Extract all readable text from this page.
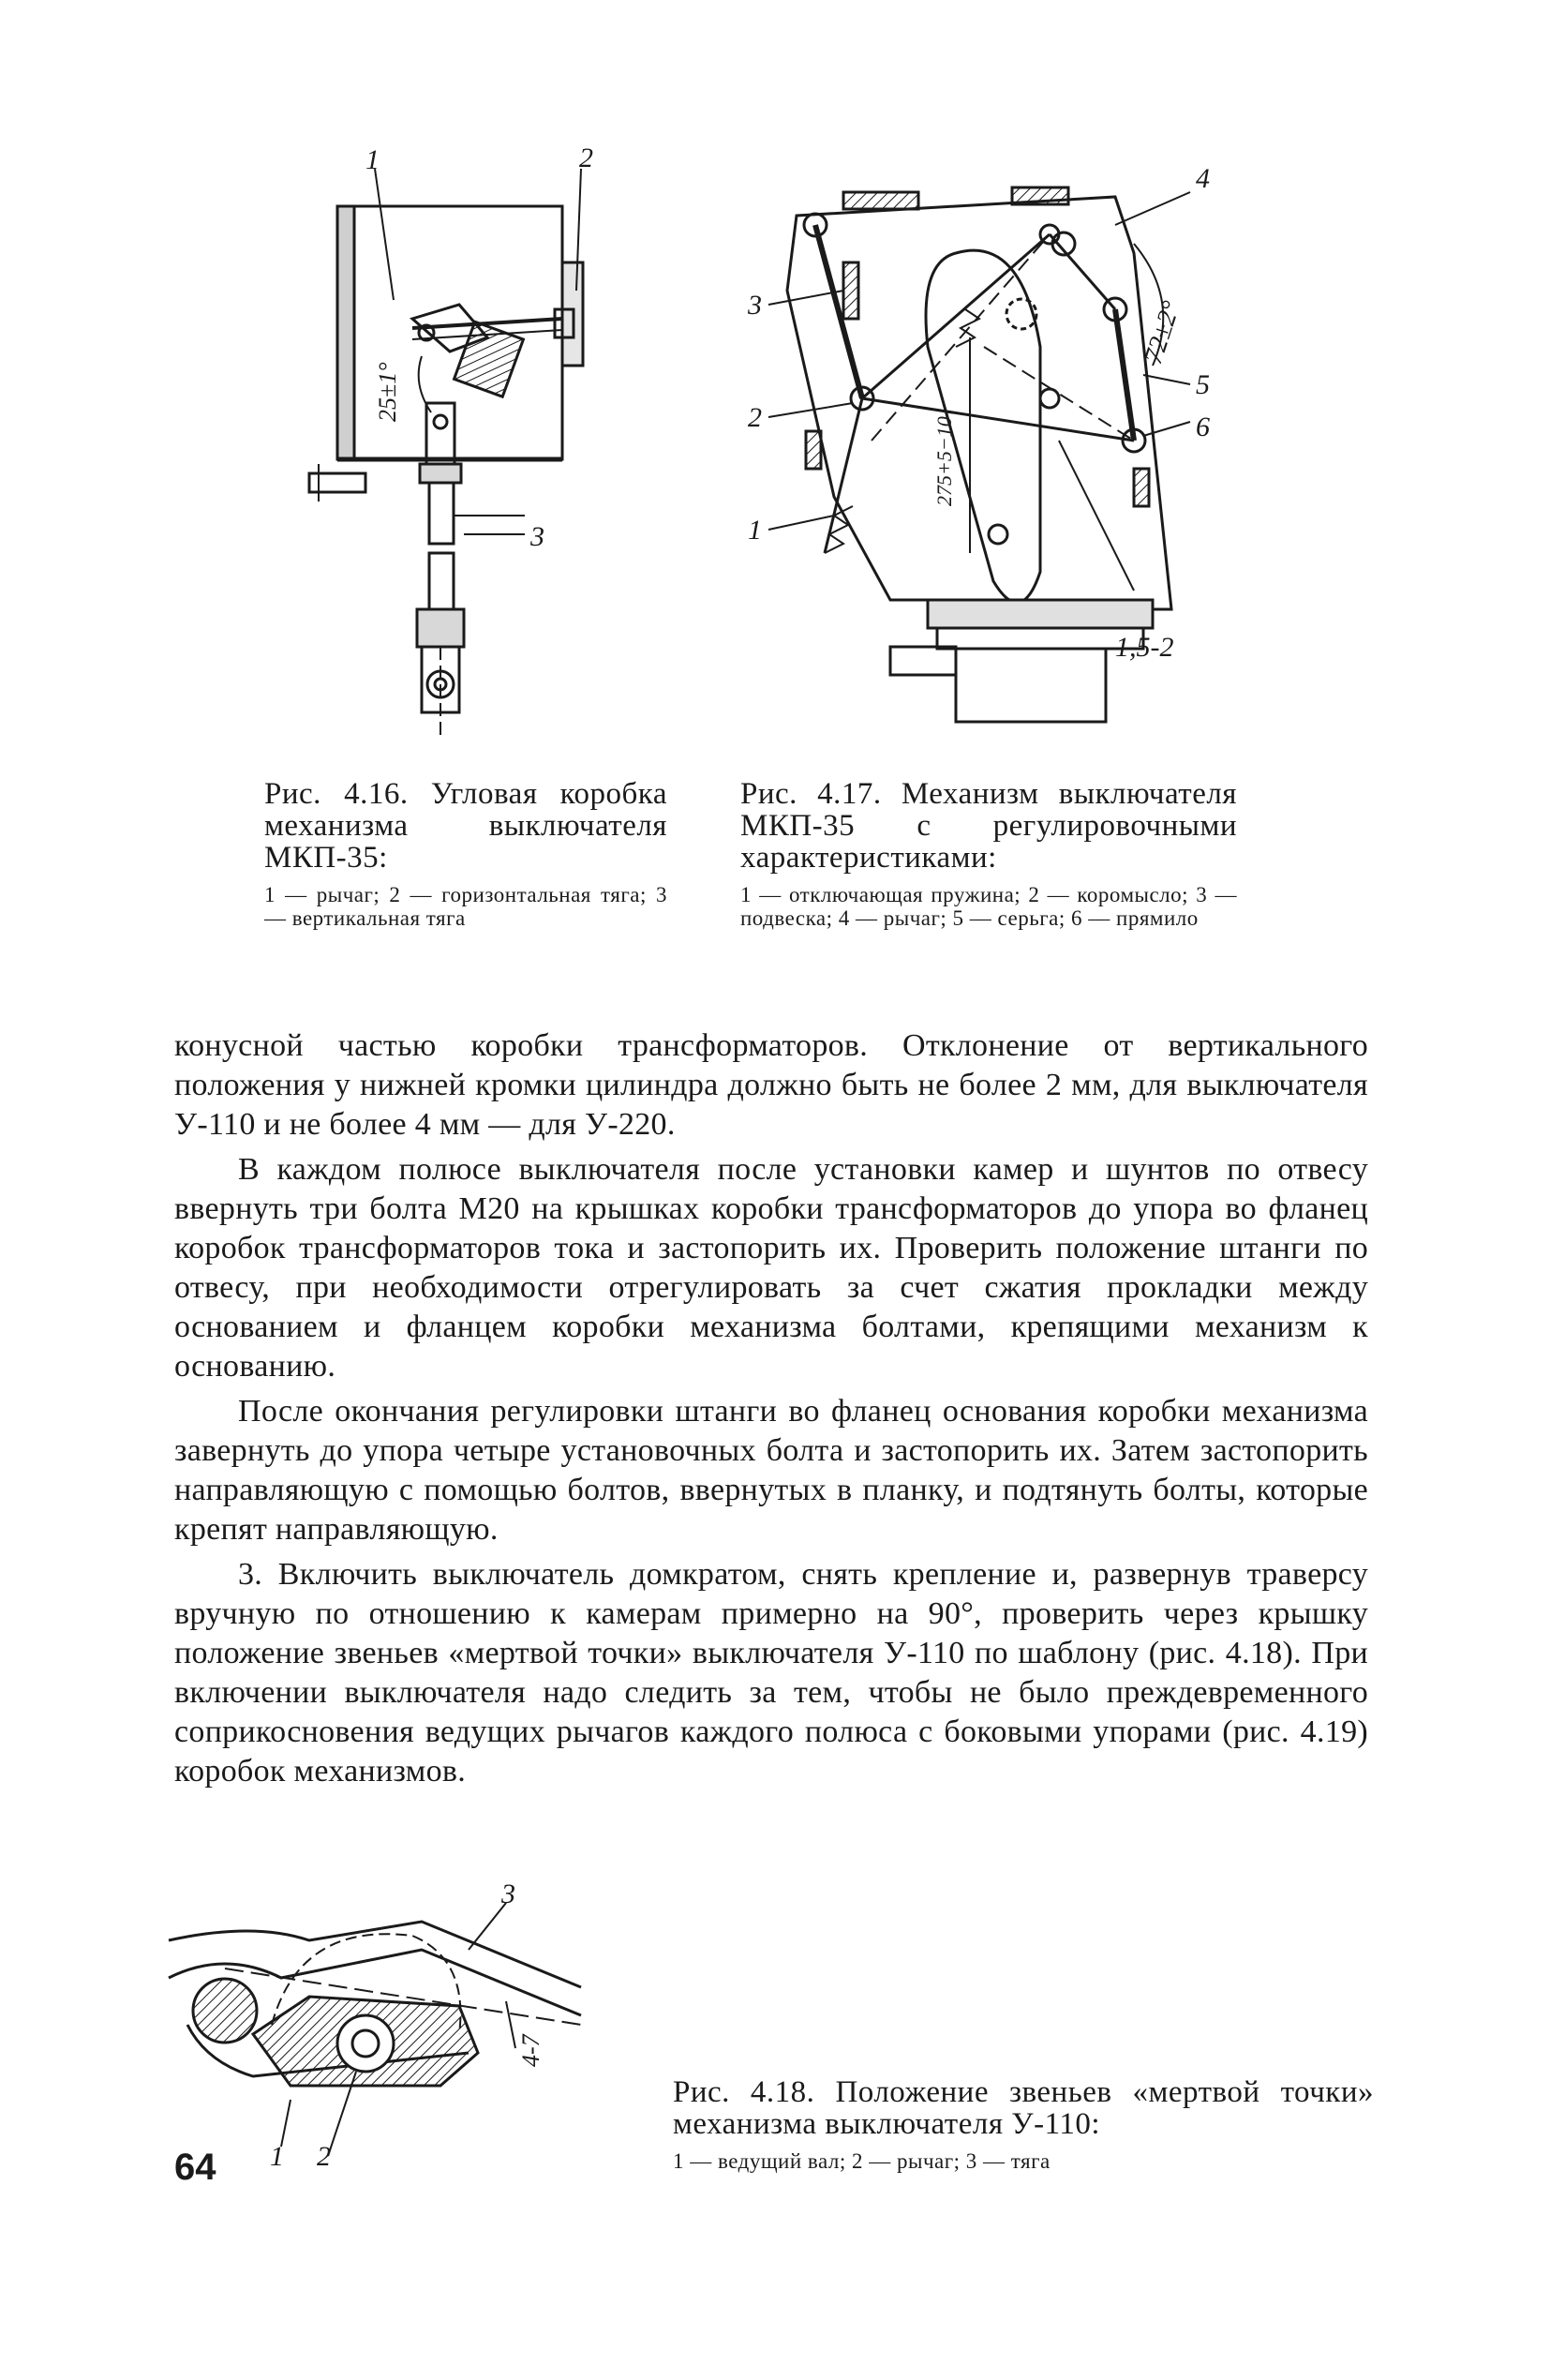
1	2
3
25±1°
Рис. 4.16. Угловая коробка механизма выключателя МКП-35:
1 — рычаг; 2 — горизонтальная тяга; 3 — вертикальная тяга
1
2
3
4
5
6
72±2°
275+5−10
1,5-2
Рис. 4.17. Механизм выключателя МКП-35 с регулировочными характеристиками:
1 — отключающая пружина; 2 — коромысло; 3 — подвеска; 4 — рычаг; 5 — серьга; 6 — прямило

конусной частью коробки трансформаторов. Отклонение от вертикального положения у нижней кромки цилиндра должно быть не более 2 мм, для выключателя У-110 и не более 4 мм — для У-220.

В каждом полюсе выключателя после установки камер и шунтов по отвесу ввернуть три болта М20 на крышках коробки трансформаторов до упора во фланец коробок трансформаторов тока и застопорить их. Проверить положение штанги по отвесу, при необходимости отрегулировать за счет сжатия прокладки между основанием и фланцем коробки механизма болтами, крепящими механизм к основанию.

После окончания регулировки штанги во фланец основания коробки механизма завернуть до упора четыре установочных болта и застопорить их. Затем застопорить направляющую с помощью болтов, ввернутых в планку, и подтянуть болты, которые крепят направляющую.

3. Включить выключатель домкратом, снять крепление и, развернув траверсу вручную по отношению к камерам примерно на 90°, проверить через крышку положение звеньев «мертвой точки» выключателя У-110 по шаблону (рис. 4.18). При включении выключателя надо следить за тем, чтобы не было преждевременного соприкосновения ведущих рычагов каждого полюса с боковыми упорами (рис. 4.19) коробок механизмов.

1 2
3
4-7
Рис. 4.18. Положение звеньев «мертвой точки» механизма выключателя У-110:
1 — ведущий вал; 2 — рычаг; 3 — тяга
64
